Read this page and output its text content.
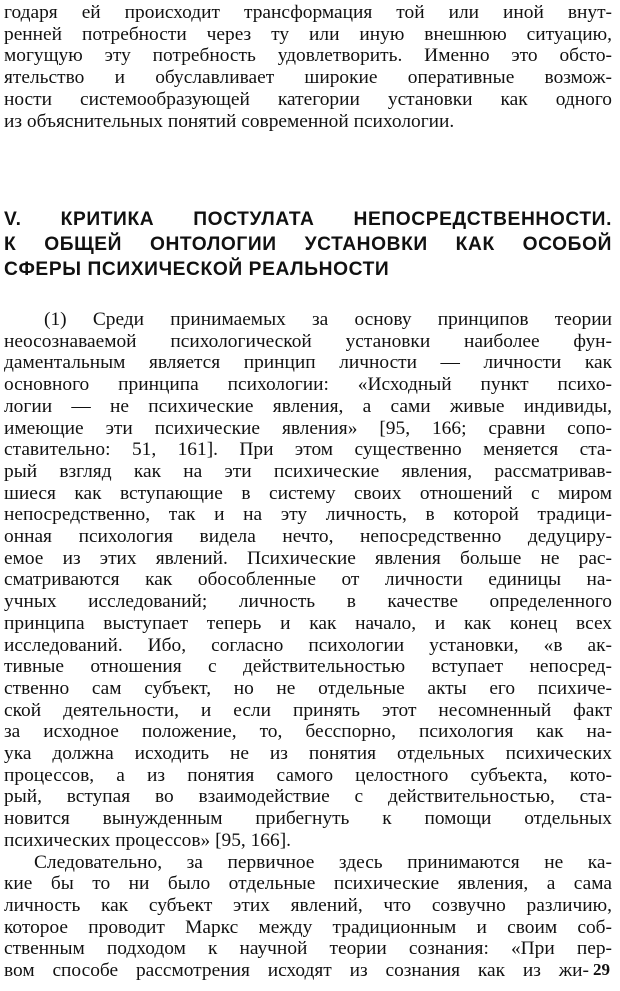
годаря ей происходит трансформация той или иной внут-
ренней потребности через ту или иную внешнюю ситуацию,
могущую эту потребность удовлетворить. Именно это обсто-
ятельство и обуславливает широкие оперативные возмож-
ности системообразующей категории установки как одного
из объяснительных понятий современной психологии.
V. КРИТИКА ПОСТУЛАТА НЕПОСРЕДСТВЕННОСТИ.
К ОБЩЕЙ ОНТОЛОГИИ УСТАНОВКИ КАК ОСОБОЙ
СФЕРЫ ПСИХИЧЕСКОЙ РЕАЛЬНОСТИ
(1) Среди принимаемых за основу принципов теории
неосознаваемой психологической установки наиболее фун-
даментальным является принцип личности — личности как
основного принципа психологии: «Исходный пункт психо-
логии — не психические явления, а сами живые индивиды,
имеющие эти психические явления» [95, 166; сравни сопо-
ставительно: 51, 161]. При этом существенно меняется ста-
рый взгляд как на эти психические явления, рассматривав-
шиеся как вступающие в систему своих отношений с миром
непосредственно, так и на эту личность, в которой традици-
онная психология видела нечто, непосредственно дедуциру-
емое из этих явлений. Психические явления больше не рас-
сматриваются как обособленные от личности единицы на-
учных исследований; личность в качестве определенного
принципа выступает теперь и как начало, и как конец всех
исследований. Ибо, согласно психологии установки, «в ак-
тивные отношения с действительностью вступает непосред-
ственно сам субъект, но не отдельные акты его психиче-
ской деятельности, и если принять этот несомненный факт
за исходное положение, то, бесспорно, психология как на-
ука должна исходить не из понятия отдельных психических
процессов, а из понятия самого целостного субъекта, кото-
рый, вступая во взаимодействие с действительностью, ста-
новится вынужденным прибегнуть к помощи отдельных
психических процессов» [95, 166].
Следовательно, за первичное здесь принимаются не ка-
кие бы то ни было отдельные психические явления, а сама
личность как субъект этих явлений, что созвучно различию,
которое проводит Маркс между традиционным и своим соб-
ственным подходом к научной теории сознания: «При пер-
вом способе рассмотрения исходят из сознания как из жи- 29
